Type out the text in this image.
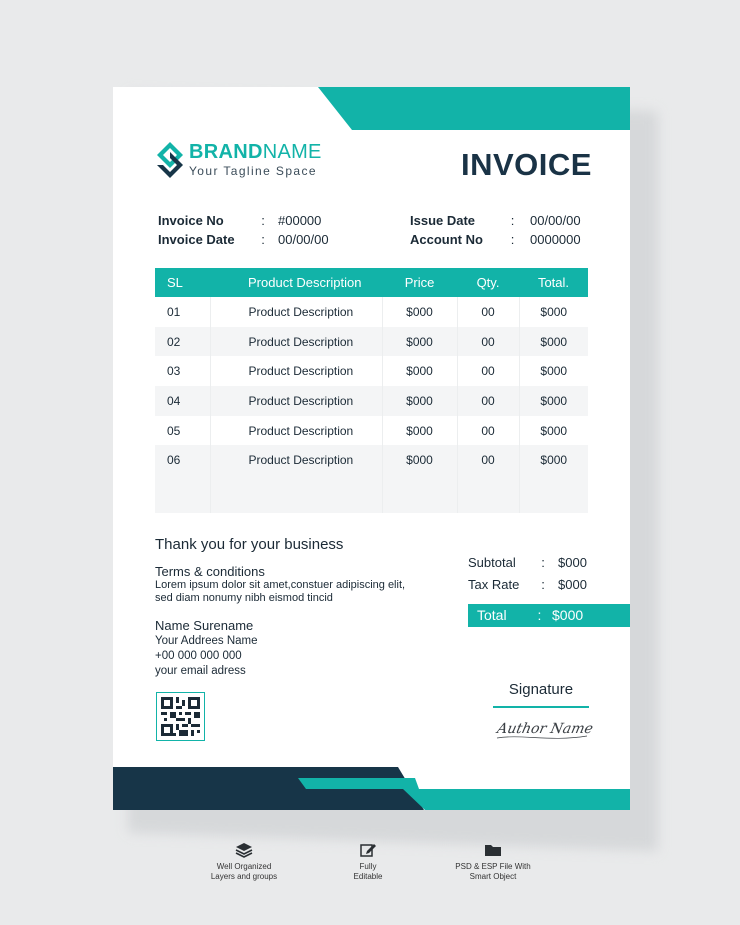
BRANDNAME
Your Tagline Space	INVOICE
Invoice No	: #00000
Invoice Date : 00/00/00
Issue Date	: 00/00/00
Account No : 0000000
SL	Product Description	Price	Qty.	Total.
01	Product Description	$000	00	$000
02	Product Description	$000	00	$000
03	Product Description	$000	00	$000
04	Product Description	$000	00	$000
05	Product Description	$000	00	$000
06	Product Description	$000	00	$000

Thank you for your business
Terms & conditions
Lorem ipsum dolor sit amet,constuer adipiscing elit,
sed diam nonumy nibh eismod tincid
Name Surename
Your Addrees Name
+00 000 000 000
your email adress
Subtotal : $000
Tax Rate : $000
Total : $000
Signature
Author Name
Well Organized
Layers and groups
Fully
Editable
PSD & ESP File With
Smart Object
